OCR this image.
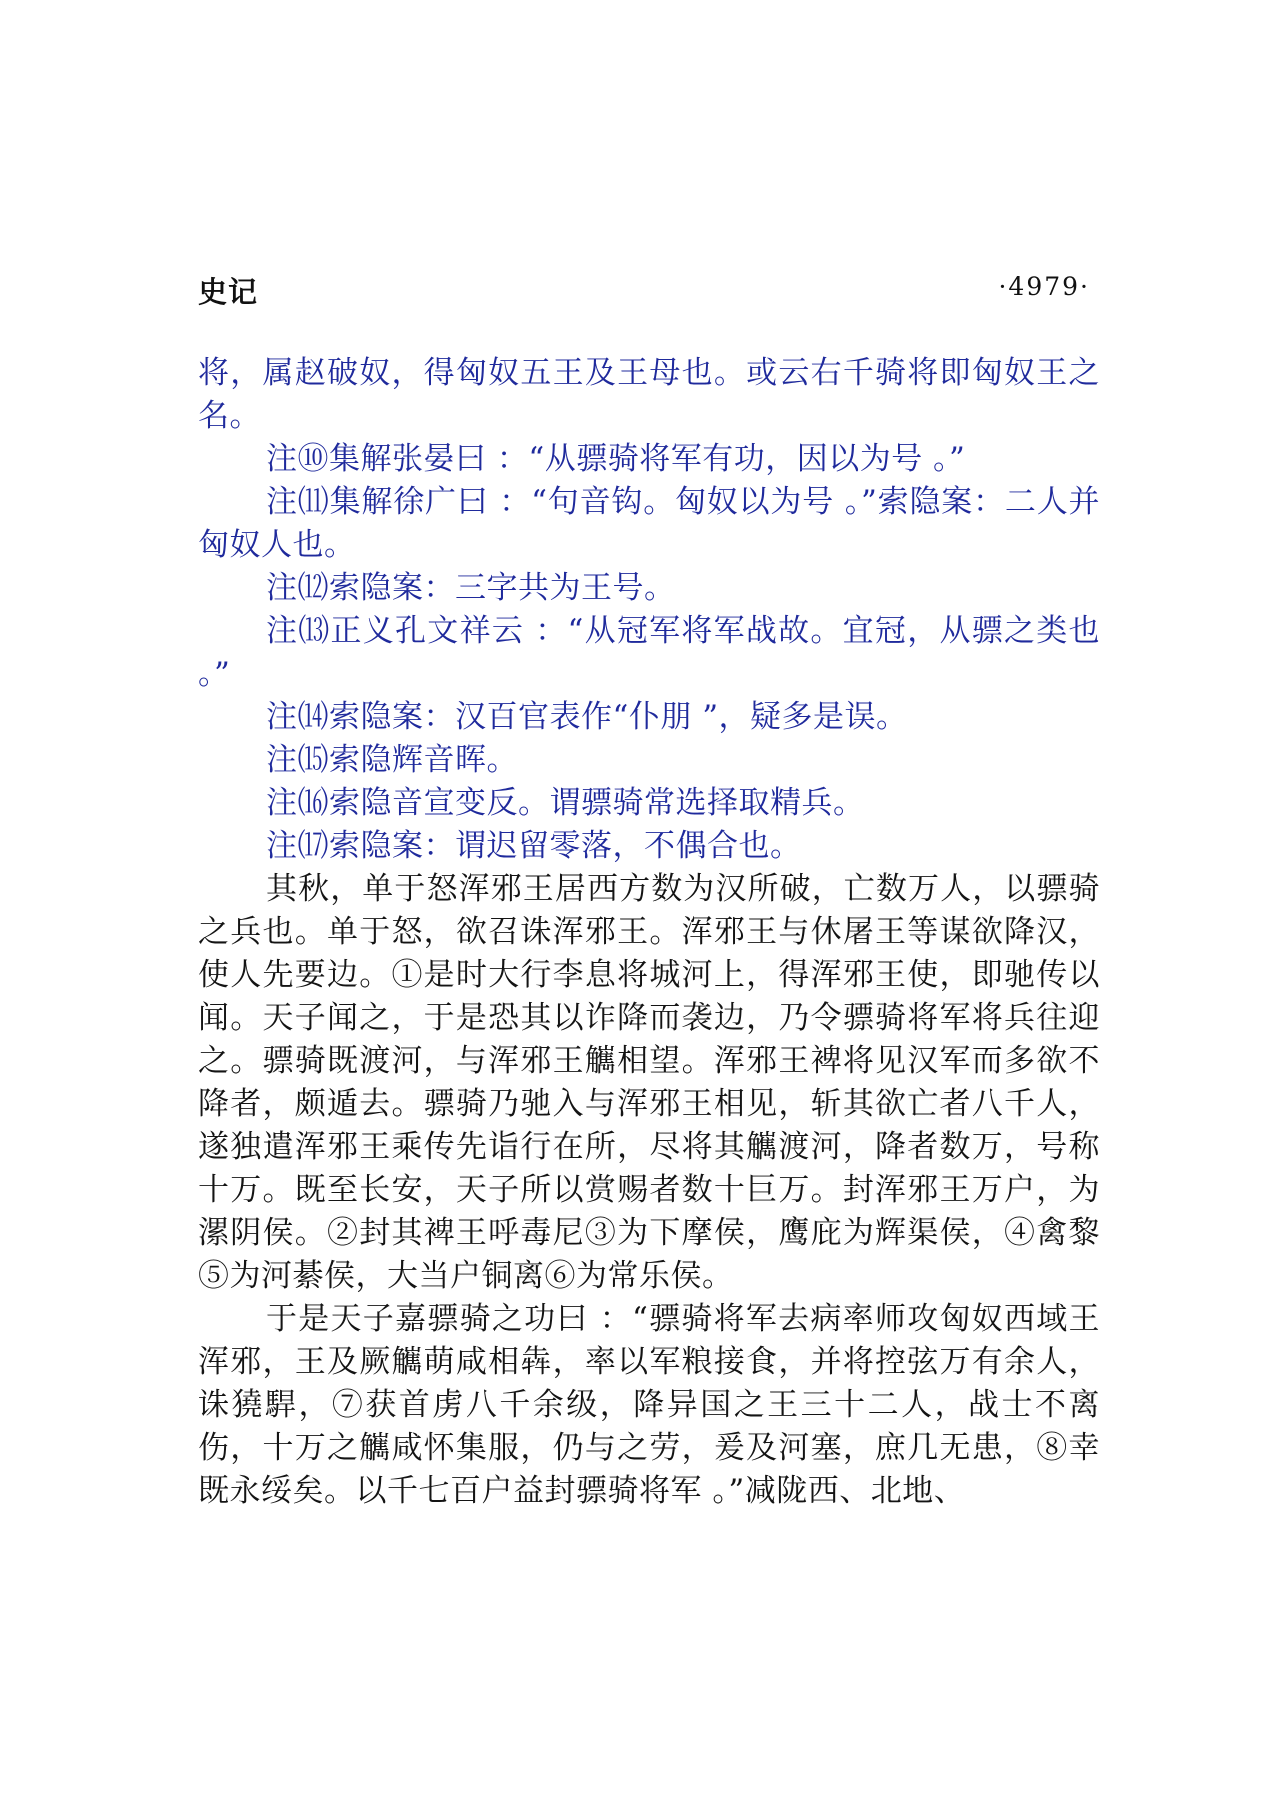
史记	·4979·

将，属赵破奴，得匈奴五王及王母也。或云右千骑将即匈奴王之名。

注⑩集解张晏曰 ：“从骠骑将军有功，因以为号 。”

注⑾集解徐广曰 ：“句音钩。匈奴以为号 。”索隐案：二人并匈奴人也。

注⑿索隐案：三字共为王号。

注⒀正义孔文祥云 ：“从冠军将军战故。宜冠，从骠之类也 。”

注⒁索隐案：汉百官表作“仆朋 ”，疑多是误。

注⒂索隐辉音晖。

注⒃索隐音宣变反。谓骠骑常选择取精兵。

注⒄索隐案：谓迟留零落，不偶合也。

其秋，单于怒浑邪王居西方数为汉所破，亡数万人，以骠骑之兵也。单于怒，欲召诛浑邪王。浑邪王与休屠王等谋欲降汉，使人先要边。①是时大行李息将城河上，得浑邪王使，即驰传以闻。天子闻之，于是恐其以诈降而袭边，乃令骠骑将军将兵往迎之。骠骑既渡河，与浑邪王觽相望。浑邪王裨将见汉军而多欲不降者，颇遁去。骠骑乃驰入与浑邪王相见，斩其欲亡者八千人，遂独遣浑邪王乘传先诣行在所，尽将其觽渡河，降者数万，号称十万。既至长安，天子所以赏赐者数十巨万。封浑邪王万户，为漯阴侯。②封其裨王呼毒尼③为下摩侯，鹰庇为辉渠侯，④禽黎⑤为河綦侯，大当户铜离⑥为常乐侯。

于是天子嘉骠骑之功曰 ：“骠骑将军去病率师攻匈奴西域王浑邪，王及厥觽萌咸相犇，率以军粮接食，并将控弦万有余人，诛獟駻，⑦获首虏八千余级，降异国之王三十二人，战士不离伤，十万之觽咸怀集服，仍与之劳，爰及河塞，庶几无患，⑧幸既永绥矣。以千七百户益封骠骑将军 。”减陇西、北地、
